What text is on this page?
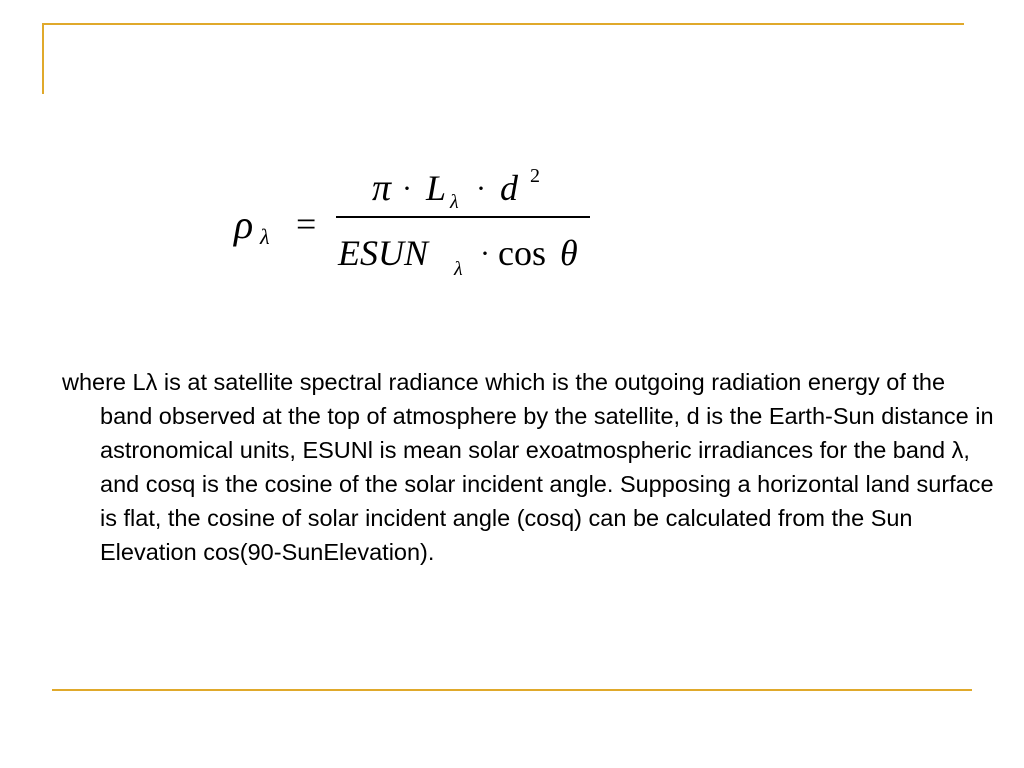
ρ λ =
π · L λ · d 2
ESUN λ · cos θ

where Lλ is at satellite spectral radiance which is the outgoing radiation energy of the band observed at the top of atmosphere by the satellite, d is the Earth-Sun distance in astronomical units, ESUNl is mean solar exoatmospheric irradiances for the band λ, and cosq is the cosine of the solar incident angle. Supposing a horizontal land surface is flat, the cosine of solar incident angle (cosq) can be calculated from the Sun Elevation cos(90-SunElevation).
